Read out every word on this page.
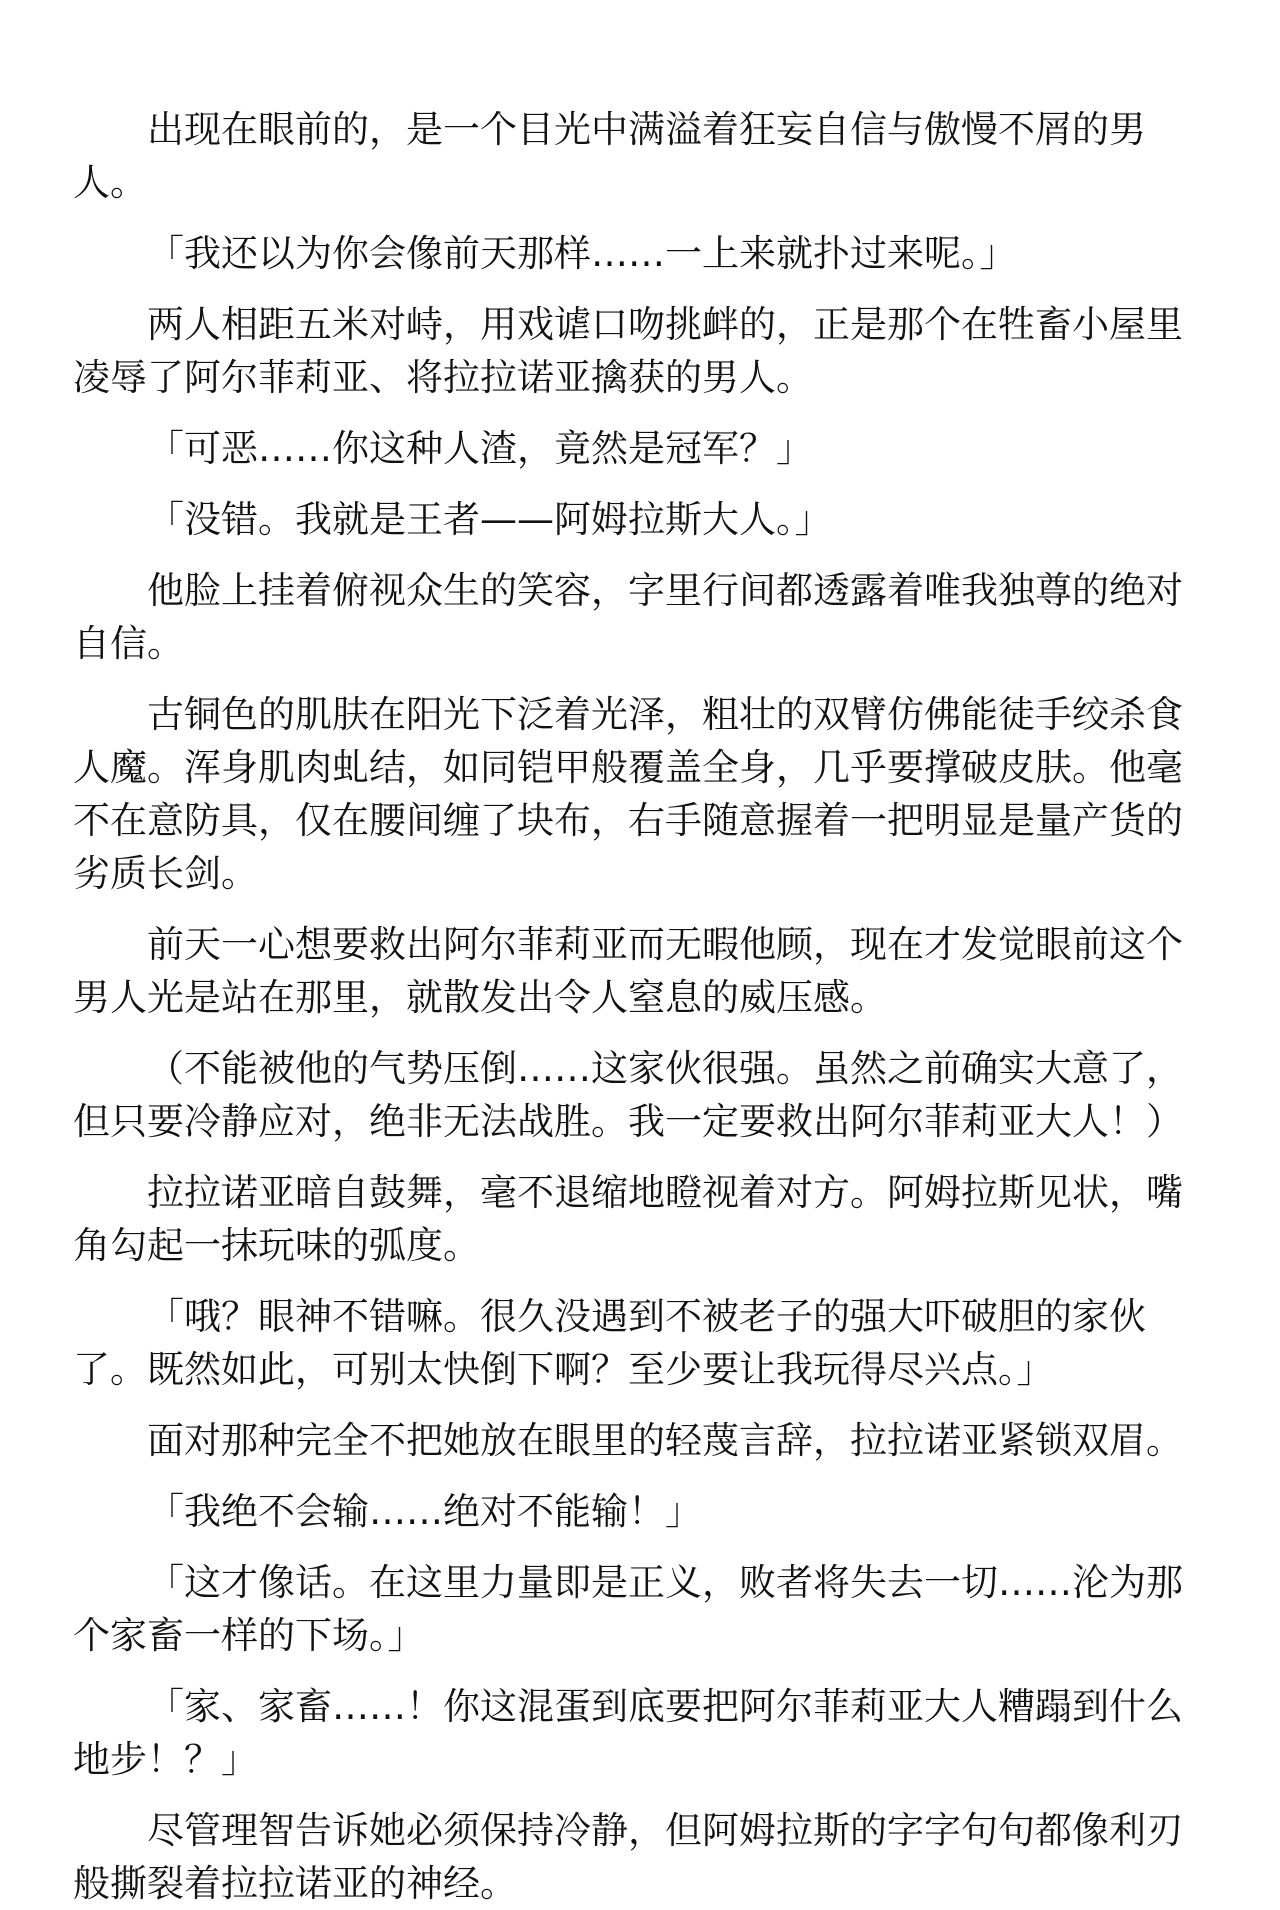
出现在眼前的，是一个目光中满溢着狂妄自信与傲慢不屑的男人。

「我还以为你会像前天那样……一上来就扑过来呢。」

两人相距五米对峙，用戏谑口吻挑衅的，正是那个在牲畜小屋里凌辱了阿尔菲莉亚、将拉拉诺亚擒获的男人。

「可恶……你这种人渣，竟然是冠军？」

「没错。我就是王者——阿姆拉斯大人。」

他脸上挂着俯视众生的笑容，字里行间都透露着唯我独尊的绝对自信。

古铜色的肌肤在阳光下泛着光泽，粗壮的双臂仿佛能徒手绞杀食人魔。浑身肌肉虬结，如同铠甲般覆盖全身，几乎要撑破皮肤。他毫不在意防具，仅在腰间缠了块布，右手随意握着一把明显是量产货的劣质长剑。

前天一心想要救出阿尔菲莉亚而无暇他顾，现在才发觉眼前这个男人光是站在那里，就散发出令人窒息的威压感。

（不能被他的气势压倒……这家伙很强。虽然之前确实大意了，但只要冷静应对，绝非无法战胜。我一定要救出阿尔菲莉亚大人！）

拉拉诺亚暗自鼓舞，毫不退缩地瞪视着对方。阿姆拉斯见状，嘴角勾起一抹玩味的弧度。

「哦？眼神不错嘛。很久没遇到不被老子的强大吓破胆的家伙了。既然如此，可别太快倒下啊？至少要让我玩得尽兴点。」

面对那种完全不把她放在眼里的轻蔑言辞，拉拉诺亚紧锁双眉。

「我绝不会输……绝对不能输！」

「这才像话。在这里力量即是正义，败者将失去一切……沦为那个家畜一样的下场。」

「家、家畜……！你这混蛋到底要把阿尔菲莉亚大人糟蹋到什么地步！？」

尽管理智告诉她必须保持冷静，但阿姆拉斯的字字句句都像利刃般撕裂着拉拉诺亚的神经。
